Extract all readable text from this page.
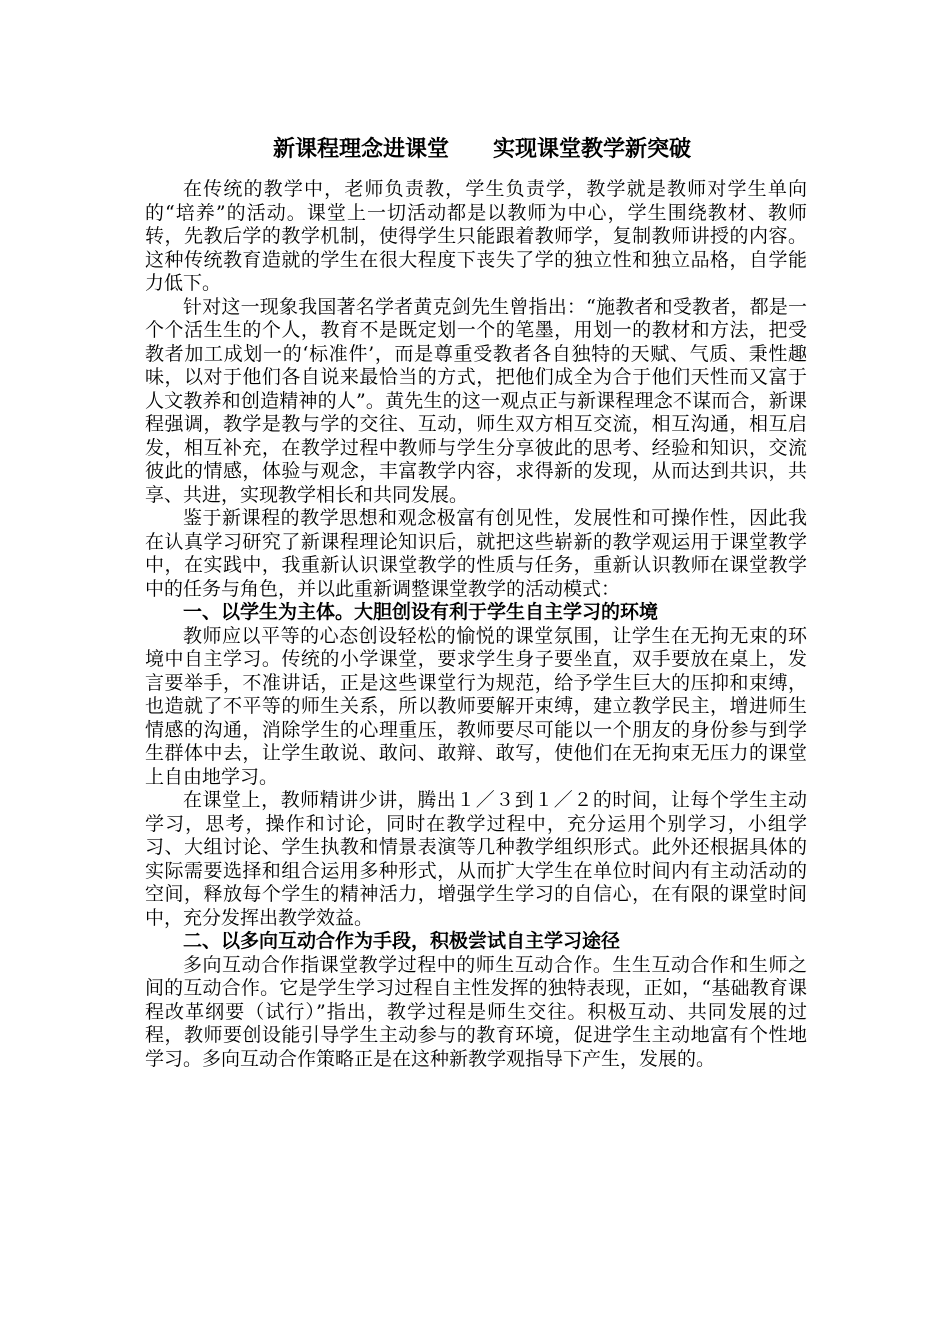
新课程理念进课堂　　实现课堂教学新突破

在传统的教学中，老师负责教，学生负责学，教学就是教师对学生单向的“培养”的活动。课堂上一切活动都是以教师为中心，学生围绕教材、教师转，先教后学的教学机制，使得学生只能跟着教师学，复制教师讲授的内容。这种传统教育造就的学生在很大程度下丧失了学的独立性和独立品格，自学能力低下。

针对这一现象我国著名学者黄克剑先生曾指出：“施教者和受教者，都是一个个活生生的个人，教育不是既定划一个的笔墨，用划一的教材和方法，把受教者加工成划一的‘标准件’，而是尊重受教者各自独特的天赋、气质、秉性趣味，以对于他们各自说来最恰当的方式，把他们成全为合于他们天性而又富于人文教养和创造精神的人”。黄先生的这一观点正与新课程理念不谋而合，新课程强调，教学是教与学的交往、互动，师生双方相互交流，相互沟通，相互启发，相互补充，在教学过程中教师与学生分享彼此的思考、经验和知识，交流彼此的情感，体验与观念，丰富教学内容，求得新的发现，从而达到共识，共享、共进，实现教学相长和共同发展。

鉴于新课程的教学思想和观念极富有创见性，发展性和可操作性，因此我在认真学习研究了新课程理论知识后，就把这些崭新的教学观运用于课堂教学中，在实践中，我重新认识课堂教学的性质与任务，重新认识教师在课堂教学中的任务与角色，并以此重新调整课堂教学的活动模式：

一、以学生为主体。大胆创设有利于学生自主学习的环境

教师应以平等的心态创设轻松的愉悦的课堂氛围，让学生在无拘无束的环境中自主学习。传统的小学课堂，要求学生身子要坐直，双手要放在桌上，发言要举手，不准讲话，正是这些课堂行为规范，给予学生巨大的压抑和束缚，也造就了不平等的师生关系，所以教师要解开束缚，建立教学民主，增进师生情感的沟通，消除学生的心理重压，教师要尽可能以一个朋友的身份参与到学生群体中去，让学生敢说、敢问、敢辩、敢写，使他们在无拘束无压力的课堂上自由地学习。

在课堂上，教师精讲少讲，腾出１／３到１／２的时间，让每个学生主动学习，思考，操作和讨论，同时在教学过程中，充分运用个别学习，小组学习、大组讨论、学生执教和情景表演等几种教学组织形式。此外还根据具体的实际需要选择和组合运用多种形式，从而扩大学生在单位时间内有主动活动的空间，释放每个学生的精神活力，增强学生学习的自信心，在有限的课堂时间中，充分发挥出教学效益。

二、以多向互动合作为手段，积极尝试自主学习途径

多向互动合作指课堂教学过程中的师生互动合作。生生互动合作和生师之间的互动合作。它是学生学习过程自主性发挥的独特表现，正如，“基础教育课程改革纲要（试行）”指出，教学过程是师生交往。积极互动、共同发展的过程，教师要创设能引导学生主动参与的教育环境，促进学生主动地富有个性地学习。多向互动合作策略正是在这种新教学观指导下产生，发展的。
